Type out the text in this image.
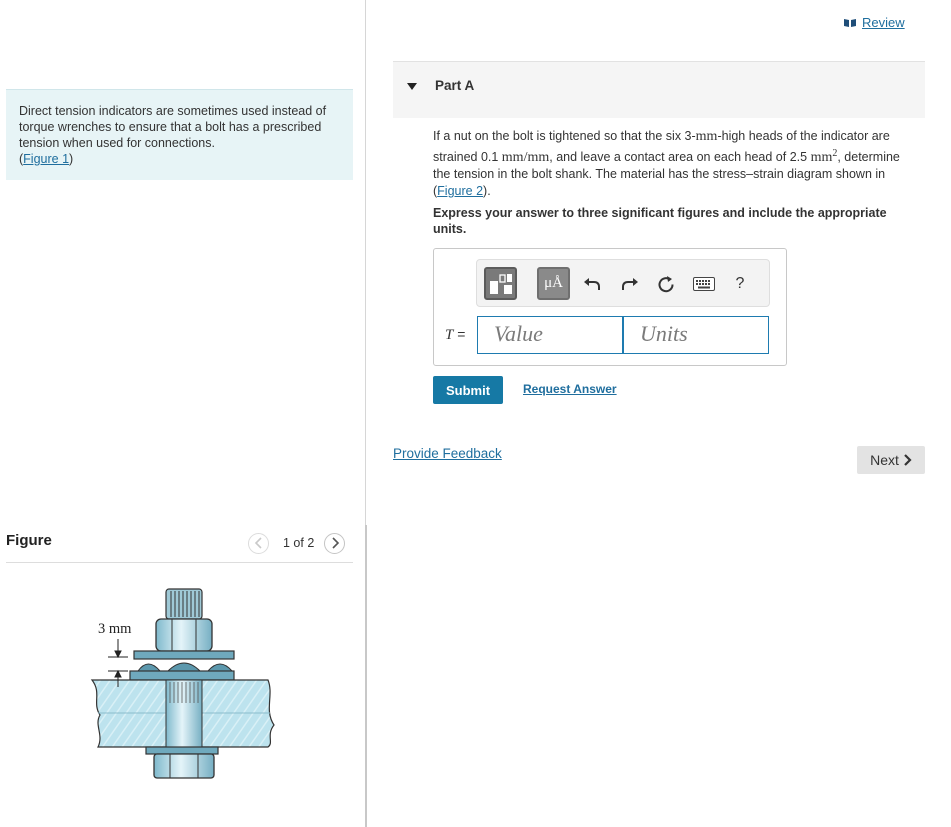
Direct tension indicators are sometimes used instead of torque wrenches to ensure that a bolt has a prescribed tension when used for connections.
(Figure 1)
Figure	1 of 2
3 mm
Review
Part A
If a nut on the bolt is tightened so that the six 3-mm-high heads of the indicator are strained 0.1 mm/mm, and leave a contact area on each head of 2.5 $mm^2$, determine the tension in the bolt shank. The material has the stress–strain diagram shown in (Figure 2).
Express your answer to three significant figures and include the appropriate units.
μÅ	?
T =	Value	Units
Submit	Request Answer
Provide Feedback	Next
